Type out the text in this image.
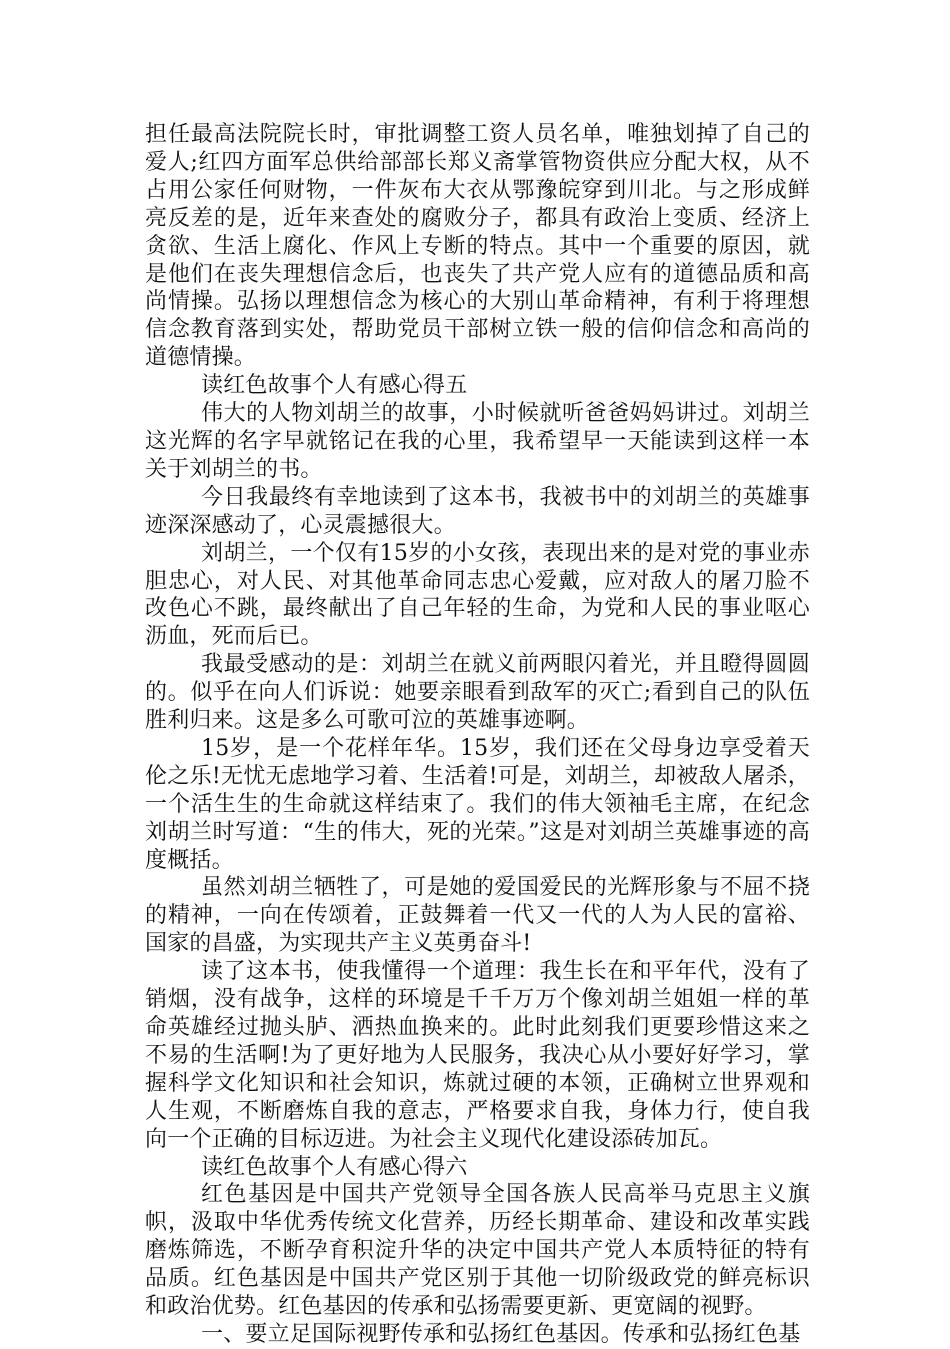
担任最高法院院长时，审批调整工资人员名单，唯独划掉了自己的爱人;红四方面军总供给部部长郑义斋掌管物资供应分配大权，从不占用公家任何财物，一件灰布大衣从鄂豫皖穿到川北。与之形成鲜亮反差的是，近年来查处的腐败分子，都具有政治上变质、经济上贪欲、生活上腐化、作风上专断的特点。其中一个重要的原因，就是他们在丧失理想信念后，也丧失了共产党人应有的道德品质和高尚情操。弘扬以理想信念为核心的大别山革命精神，有利于将理想信念教育落到实处，帮助党员干部树立铁一般的信仰信念和高尚的道德情操。

读红色故事个人有感心得五

伟大的人物刘胡兰的故事，小时候就听爸爸妈妈讲过。刘胡兰这光辉的名字早就铭记在我的心里，我希望早一天能读到这样一本关于刘胡兰的书。

今日我最终有幸地读到了这本书，我被书中的刘胡兰的英雄事迹深深感动了，心灵震撼很大。

刘胡兰，一个仅有15岁的小女孩，表现出来的是对党的事业赤胆忠心，对人民、对其他革命同志忠心爱戴，应对敌人的屠刀脸不改色心不跳，最终献出了自己年轻的生命，为党和人民的事业呕心沥血，死而后已。

我最受感动的是：刘胡兰在就义前两眼闪着光，并且瞪得圆圆的。似乎在向人们诉说：她要亲眼看到敌军的灭亡;看到自己的队伍胜利归来。这是多么可歌可泣的英雄事迹啊。

15岁，是一个花样年华。15岁，我们还在父母身边享受着天伦之乐!无忧无虑地学习着、生活着!可是，刘胡兰，却被敌人屠杀，一个活生生的生命就这样结束了。我们的伟大领袖毛主席，在纪念刘胡兰时写道：“生的伟大，死的光荣。”这是对刘胡兰英雄事迹的高度概括。

虽然刘胡兰牺牲了，可是她的爱国爱民的光辉形象与不屈不挠的精神，一向在传颂着，正鼓舞着一代又一代的人为人民的富裕、国家的昌盛，为实现共产主义英勇奋斗!

读了这本书，使我懂得一个道理：我生长在和平年代，没有了销烟，没有战争，这样的环境是千千万万个像刘胡兰姐姐一样的革命英雄经过抛头胪、洒热血换来的。此时此刻我们更要珍惜这来之不易的生活啊!为了更好地为人民服务，我决心从小要好好学习，掌握科学文化知识和社会知识，炼就过硬的本领，正确树立世界观和人生观，不断磨炼自我的意志，严格要求自我，身体力行，使自我向一个正确的目标迈进。为社会主义现代化建设添砖加瓦。

读红色故事个人有感心得六

红色基因是中国共产党领导全国各族人民高举马克思主义旗帜，汲取中华优秀传统文化营养，历经长期革命、建设和改革实践磨炼筛选，不断孕育积淀升华的决定中国共产党人本质特征的特有品质。红色基因是中国共产党区别于其他一切阶级政党的鲜亮标识和政治优势。红色基因的传承和弘扬需要更新、更宽阔的视野。

一、要立足国际视野传承和弘扬红色基因。传承和弘扬红色基
